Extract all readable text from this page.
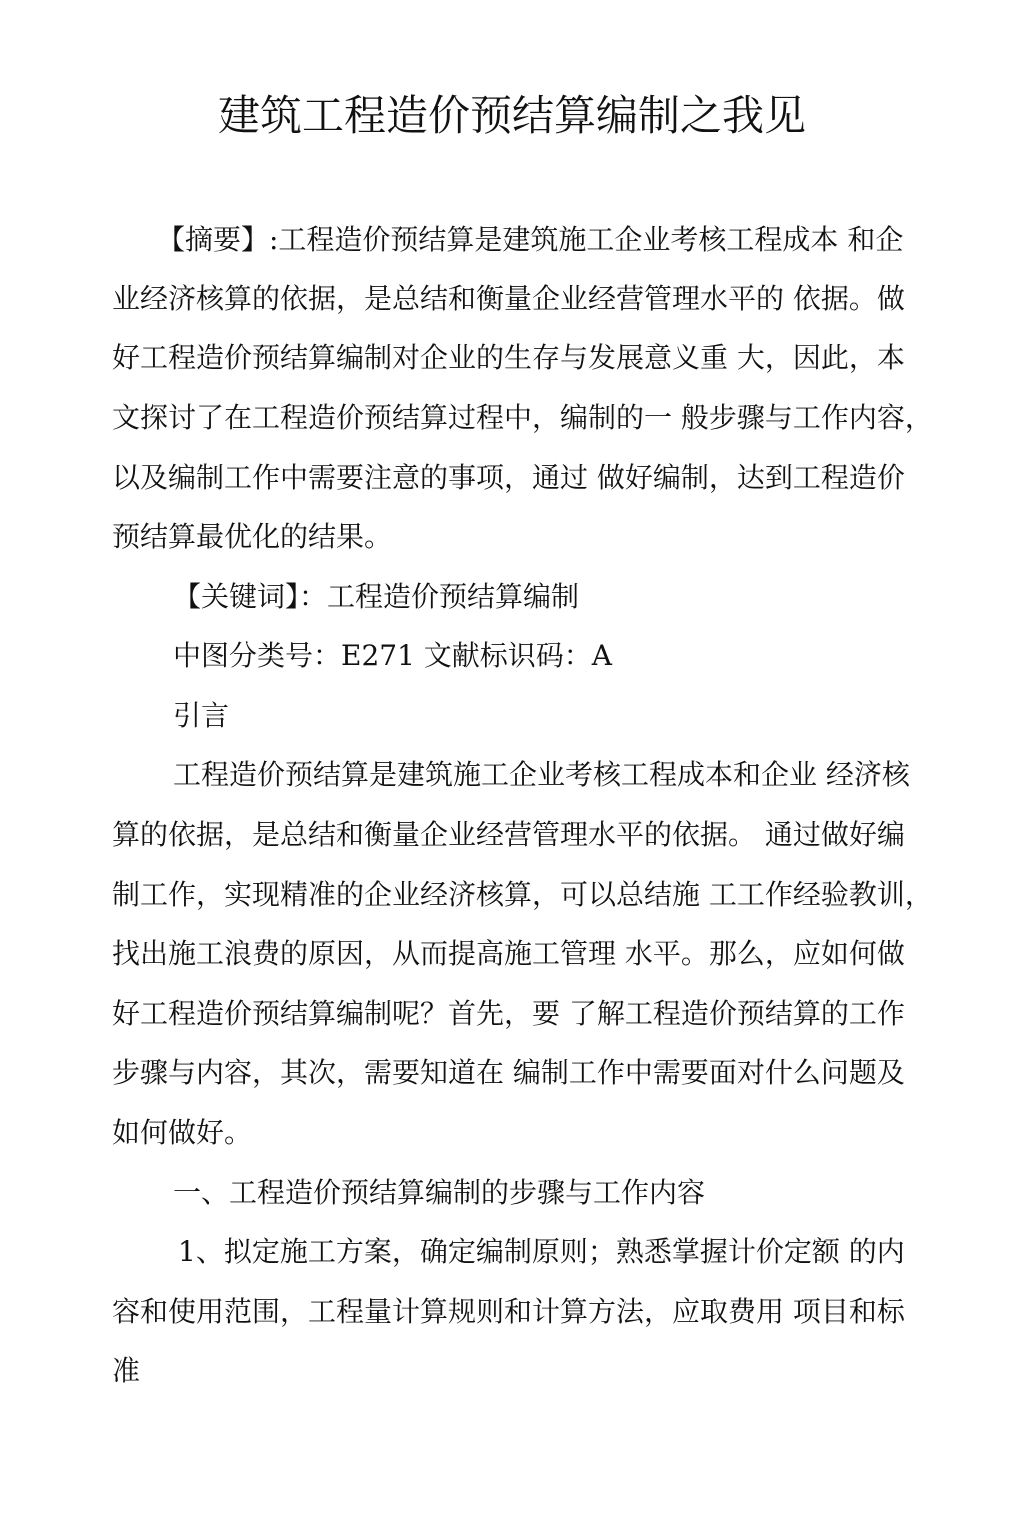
建筑工程造价预结算编制之我见

【摘要】:工程造价预结算是建筑施工企业考核工程成本 和企

业经济核算的依据，是总结和衡量企业经营管理水平的 依据。做

好工程造价预结算编制对企业的生存与发展意义重 大，因此，本

文探讨了在工程造价预结算过程中，编制的一 般步骤与工作内容，

以及编制工作中需要注意的事项，通过 做好编制，达到工程造价

预结算最优化的结果。

【关键词】：工程造价预结算编制

中图分类号：E271 文献标识码：A

引言

工程造价预结算是建筑施工企业考核工程成本和企业 经济核

算的依据，是总结和衡量企业经营管理水平的依据。 通过做好编

制工作，实现精准的企业经济核算，可以总结施 工工作经验教训，

找出施工浪费的原因，从而提高施工管理 水平。那么，应如何做

好工程造价预结算编制呢？首先，要 了解工程造价预结算的工作

步骤与内容，其次，需要知道在 编制工作中需要面对什么问题及

如何做好。

一、工程造价预结算编制的步骤与工作内容

1、拟定施工方案，确定编制原则；熟悉掌握计价定额 的内

容和使用范围，工程量计算规则和计算方法，应取费用 项目和标

准
